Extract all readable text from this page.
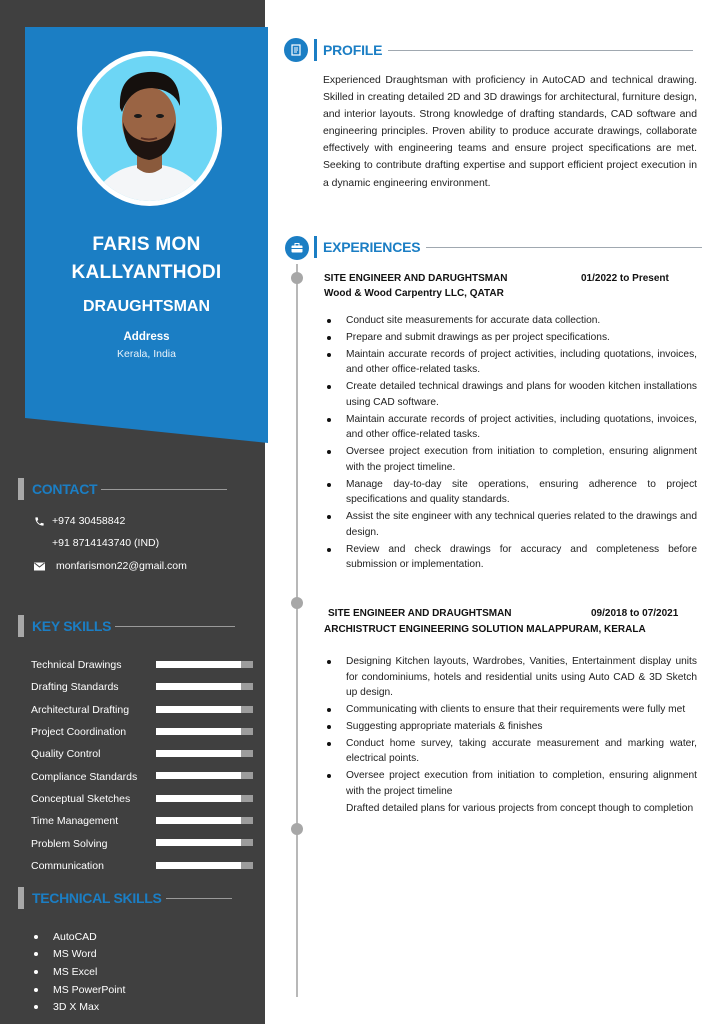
FARIS MON
KALLYANTHODI
DRAUGHTSMAN
Address
Kerala, India
CONTACT
+974 30458842
+91 8714143740 (IND)
monfarismon22@gmail.com
KEY SKILLS
Technical Drawings
Drafting Standards
Architectural Drafting
Project Coordination
Quality Control
Compliance Standards
Conceptual Sketches
Time Management
Problem Solving
Communication
TECHNICAL SKILLS
AutoCAD
MS Word
MS Excel
MS PowerPoint
3D X Max
PROFILE
Experienced Draughtsman with proficiency in AutoCAD and technical drawing. Skilled in creating detailed 2D and 3D drawings for architectural, furniture design, and interior layouts. Strong knowledge of drafting standards, CAD software and engineering principles. Proven ability to produce accurate drawings, collaborate effectively with engineering teams and ensure project specifications are met. Seeking to contribute drafting expertise and support efficient project execution in a dynamic engineering environment.
EXPERIENCES
SITE ENGINEER AND DARUGHTSMAN	01/2022 to Present
Wood & Wood Carpentry LLC, QATAR
Conduct site measurements for accurate data collection.
Prepare and submit drawings as per project specifications.
Maintain accurate records of project activities, including quotations, invoices, and other office-related tasks.
Create detailed technical drawings and plans for wooden kitchen installations using CAD software.
Maintain accurate records of project activities, including quotations, invoices, and other office-related tasks.
Oversee project execution from initiation to completion, ensuring alignment with the project timeline.
Manage day-to-day site operations, ensuring adherence to project specifications and quality standards.
Assist the site engineer with any technical queries related to the drawings and design.
Review and check drawings for accuracy and completeness before submission or implementation.
SITE ENGINEER AND DRAUGHTSMAN	09/2018 to 07/2021
ARCHISTRUCT ENGINEERING SOLUTION MALAPPURAM, KERALA
Designing Kitchen layouts, Wardrobes, Vanities, Entertainment display units for condominiums, hotels and residential units using Auto CAD & 3D Sketch up design.
Communicating with clients to ensure that their requirements were fully met
Suggesting appropriate materials & finishes
Conduct home survey, taking accurate measurement and marking water, electrical points.
Oversee project execution from initiation to completion, ensuring alignment with the project timeline
Drafted detailed plans for various projects from concept though to completion
